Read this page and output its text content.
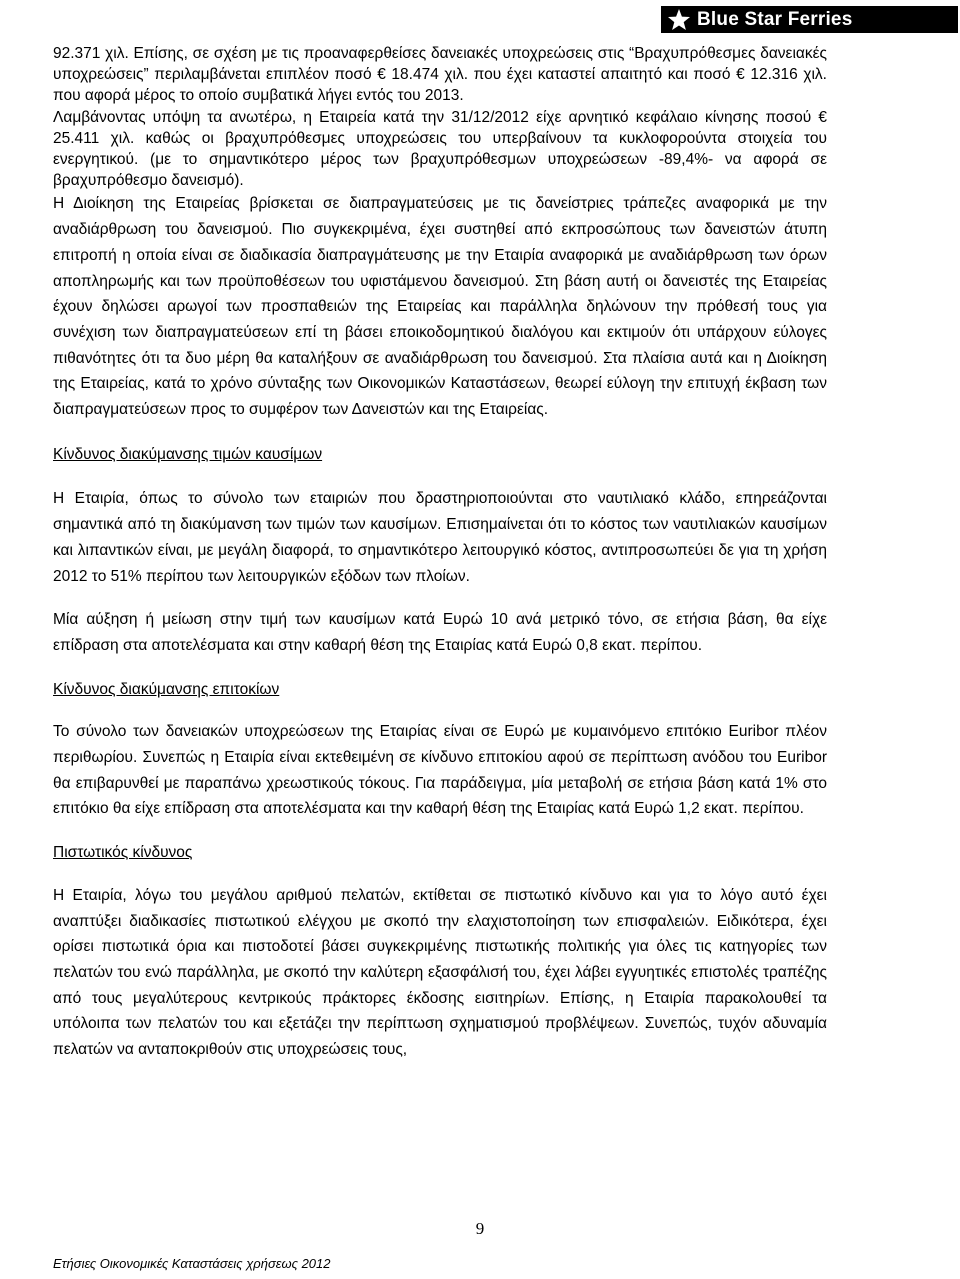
Blue Star Ferries

92.371 χιλ. Επίσης, σε σχέση με τις προαναφερθείσες δανειακές υποχρεώσεις στις “Βραχυπρόθεσμες δανειακές υποχρεώσεις” περιλαμβάνεται επιπλέον ποσό € 18.474 χιλ. που έχει καταστεί απαιτητό και ποσό € 12.316 χιλ. που αφορά μέρος το οποίο συμβατικά λήγει εντός του 2013.

Λαμβάνοντας υπόψη τα ανωτέρω, η Εταιρεία κατά την 31/12/2012 είχε αρνητικό κεφάλαιο κίνησης ποσού € 25.411 χιλ. καθώς οι βραχυπρόθεσμες υποχρεώσεις του υπερβαίνουν τα κυκλοφορούντα στοιχεία του ενεργητικού. (με το σημαντικότερο μέρος των βραχυπρόθεσμων υποχρεώσεων -89,4%- να αφορά σε βραχυπρόθεσμο δανεισμό).

Η Διοίκηση της Εταιρείας βρίσκεται σε διαπραγματεύσεις με τις δανείστριες τράπεζες αναφορικά με την αναδιάρθρωση του δανεισμού. Πιο συγκεκριμένα, έχει συστηθεί από εκπροσώπους των δανειστών άτυπη επιτροπή η οποία είναι σε διαδικασία διαπραγμάτευσης με την Εταιρία αναφορικά με αναδιάρθρωση των όρων αποπληρωμής και των προϋποθέσεων του υφιστάμενου δανεισμού. Στη βάση αυτή οι δανειστές της Εταιρείας έχουν δηλώσει αρωγοί των προσπαθειών της Εταιρείας και παράλληλα δηλώνουν την πρόθεσή τους για συνέχιση των διαπραγματεύσεων επί τη βάσει εποικοδομητικού διαλόγου και εκτιμούν ότι υπάρχουν εύλογες πιθανότητες ότι τα δυο μέρη θα καταλήξουν σε αναδιάρθρωση του δανεισμού. Στα πλαίσια αυτά και η Διοίκηση της Εταιρείας, κατά το χρόνο σύνταξης των Οικονομικών Καταστάσεων, θεωρεί εύλογη την επιτυχή έκβαση των διαπραγματεύσεων προς το συμφέρον των Δανειστών και της Εταιρείας.

Κίνδυνος διακύμανσης τιμών καυσίμων

Η Εταιρία, όπως το σύνολο των εταιριών που δραστηριοποιούνται στο ναυτιλιακό κλάδο, επηρεάζονται σημαντικά από τη διακύμανση των τιμών των καυσίμων. Επισημαίνεται ότι το κόστος των ναυτιλιακών καυσίμων και λιπαντικών είναι, με μεγάλη διαφορά, το σημαντικότερο λειτουργικό κόστος, αντιπροσωπεύει δε για τη χρήση 2012 το 51% περίπου των λειτουργικών εξόδων των πλοίων.

Μία αύξηση ή μείωση στην τιμή των καυσίμων κατά Ευρώ 10 ανά μετρικό τόνο, σε ετήσια βάση, θα είχε επίδραση στα αποτελέσματα και στην καθαρή θέση της Εταιρίας κατά Ευρώ 0,8 εκατ. περίπου.

Κίνδυνος διακύμανσης επιτοκίων

Το σύνολο των δανειακών υποχρεώσεων της Εταιρίας είναι σε Ευρώ με κυμαινόμενο επιτόκιο Euribor πλέον περιθωρίου. Συνεπώς η Εταιρία είναι εκτεθειμένη σε κίνδυνο επιτοκίου αφού σε περίπτωση ανόδου του Euribor θα επιβαρυνθεί με παραπάνω χρεωστικούς τόκους. Για παράδειγμα, μία μεταβολή σε ετήσια βάση κατά 1% στο επιτόκιο θα είχε επίδραση στα αποτελέσματα και την καθαρή θέση της Εταιρίας κατά Ευρώ 1,2 εκατ. περίπου.

Πιστωτικός κίνδυνος

Η Εταιρία, λόγω του μεγάλου αριθμού πελατών, εκτίθεται σε πιστωτικό κίνδυνο και για το λόγο αυτό έχει αναπτύξει διαδικασίες πιστωτικού ελέγχου με σκοπό την ελαχιστοποίηση των επισφαλειών. Ειδικότερα, έχει ορίσει πιστωτικά όρια και πιστοδοτεί βάσει συγκεκριμένης πιστωτικής πολιτικής για όλες τις κατηγορίες των πελατών του ενώ παράλληλα, με σκοπό την καλύτερη εξασφάλισή του, έχει λάβει εγγυητικές επιστολές τραπέζης από τους μεγαλύτερους κεντρικούς πράκτορες έκδοσης εισιτηρίων. Επίσης, η Εταιρία παρακολουθεί τα υπόλοιπα των πελατών του και εξετάζει την περίπτωση σχηματισμού προβλέψεων. Συνεπώς, τυχόν αδυναμία πελατών να ανταποκριθούν στις υποχρεώσεις τους,

9
Ετήσιες Οικονομικές Καταστάσεις χρήσεως 2012
